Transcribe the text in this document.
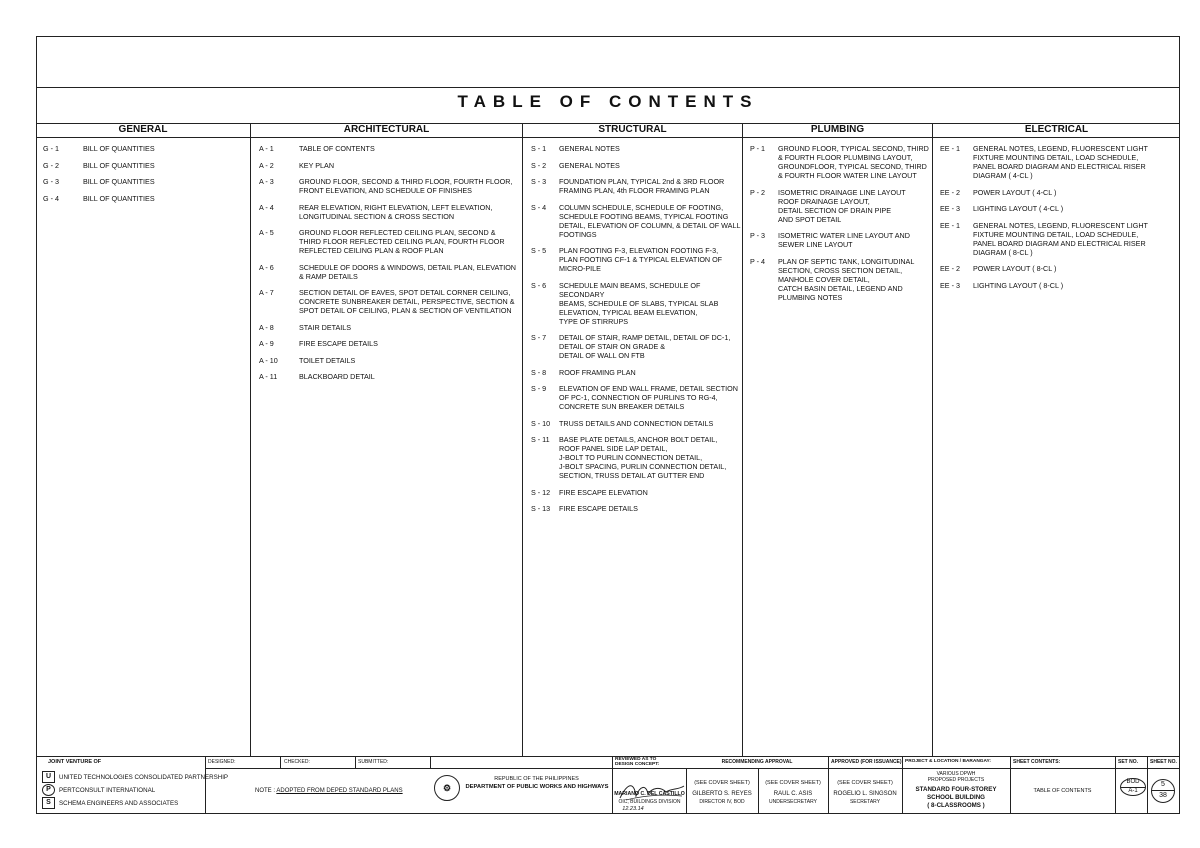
TABLE OF CONTENTS
GENERAL	ARCHITECTURAL	STRUCTURAL	PLUMBING	ELECTRICAL
G - 1	BILL OF QUANTITIES
G - 2	BILL OF QUANTITIES
G - 3	BILL OF QUANTITIES
G - 4	BILL OF QUANTITIES
A - 1	TABLE OF CONTENTS
A - 2	KEY PLAN
A - 3	GROUND FLOOR, SECOND & THIRD FLOOR, FOURTH FLOOR,
FRONT ELEVATION, AND SCHEDULE OF FINISHES
A - 4	REAR ELEVATION, RIGHT ELEVATION, LEFT ELEVATION,
LONGITUDINAL SECTION & CROSS SECTION
A - 5	GROUND FLOOR REFLECTED CEILING PLAN, SECOND &
THIRD FLOOR REFLECTED CEILING PLAN, FOURTH FLOOR
REFLECTED CEILING PLAN & ROOF PLAN
A - 6	SCHEDULE OF DOORS & WINDOWS, DETAIL PLAN, ELEVATION
& RAMP DETAILS
A - 7	SECTION DETAIL OF EAVES, SPOT DETAIL CORNER CEILING,
CONCRETE SUNBREAKER DETAIL, PERSPECTIVE, SECTION &
SPOT DETAIL OF CEILING, PLAN & SECTION OF VENTILATION
A - 8	STAIR DETAILS
A - 9	FIRE ESCAPE DETAILS
A - 10	TOILET DETAILS
A - 11	BLACKBOARD DETAIL
S - 1	GENERAL NOTES
S - 2	GENERAL NOTES
S - 3	FOUNDATION PLAN, TYPICAL 2nd & 3RD FLOOR
FRAMING PLAN, 4th FLOOR FRAMING PLAN
S - 4	COLUMN SCHEDULE, SCHEDULE OF FOOTING,
SCHEDULE FOOTING BEAMS, TYPICAL FOOTING
DETAIL, ELEVATION OF COLUMN, & DETAIL OF WALL
FOOTINGS
S - 5	PLAN FOOTING F-3, ELEVATION FOOTING F-3,
PLAN FOOTING CF-1 & TYPICAL ELEVATION OF
MICRO-PILE
S - 6	SCHEDULE MAIN BEAMS, SCHEDULE OF SECONDARY
BEAMS, SCHEDULE OF SLABS, TYPICAL SLAB
ELEVATION, TYPICAL BEAM ELEVATION,
TYPE OF STIRRUPS
S - 7	DETAIL OF STAIR, RAMP DETAIL, DETAIL OF DC-1,
DETAIL OF STAIR ON GRADE &
DETAIL OF WALL ON FTB
S - 8	ROOF FRAMING PLAN
S - 9	ELEVATION OF END WALL FRAME, DETAIL SECTION
OF PC-1, CONNECTION OF PURLINS TO RG-4,
CONCRETE SUN BREAKER DETAILS
S - 10	TRUSS DETAILS AND CONNECTION DETAILS
S - 11	BASE PLATE DETAILS, ANCHOR BOLT DETAIL,
ROOF PANEL SIDE LAP DETAIL,
J-BOLT TO PURLIN CONNECTION DETAIL,
J-BOLT SPACING, PURLIN CONNECTION DETAIL,
SECTION, TRUSS DETAIL AT GUTTER END
S - 12	FIRE ESCAPE ELEVATION
S - 13	FIRE ESCAPE DETAILS
P - 1	GROUND FLOOR, TYPICAL SECOND, THIRD
& FOURTH FLOOR PLUMBING LAYOUT,
GROUNDFLOOR, TYPICAL SECOND, THIRD
& FOURTH FLOOR WATER LINE LAYOUT
P - 2	ISOMETRIC DRAINAGE LINE LAYOUT
ROOF DRAINAGE LAYOUT,
DETAIL SECTION OF DRAIN PIPE
AND SPOT DETAIL
P - 3	ISOMETRIC WATER LINE LAYOUT AND
SEWER LINE LAYOUT
P - 4	PLAN OF SEPTIC TANK, LONGITUDINAL
SECTION, CROSS SECTION DETAIL,
MANHOLE COVER DETAIL,
CATCH BASIN DETAIL, LEGEND AND
PLUMBING NOTES
EE - 1	GENERAL NOTES, LEGEND, FLUORESCENT LIGHT
FIXTURE MOUNTING DETAIL, LOAD SCHEDULE,
PANEL BOARD DIAGRAM AND ELECTRICAL RISER
DIAGRAM ( 4-CL )
EE - 2	POWER LAYOUT ( 4-CL )
EE - 3	LIGHTING LAYOUT ( 4-CL )
EE - 1	GENERAL NOTES, LEGEND, FLUORESCENT LIGHT
FIXTURE MOUNTING DETAIL, LOAD SCHEDULE,
PANEL BOARD DIAGRAM AND ELECTRICAL RISER
DIAGRAM ( 8-CL )
EE - 2	POWER LAYOUT ( 8-CL )
EE - 3	LIGHTING LAYOUT ( 8-CL )
JOINT VENTURE OF
U	UNITED TECHNOLOGIES CONSOLIDATED PARTNERSHIP
P	PERTCONSULT INTERNATIONAL
S	SCHEMA ENGINEERS AND ASSOCIATES
DESIGNED:	CHECKED:	SUBMITTED:
NOTE : ADOPTED FROM DEPED STANDARD PLANS	⚙
REPUBLIC OF THE PHILIPPINES
DEPARTMENT OF PUBLIC WORKS AND HIGHWAYS
REVIEWED AS TO
DESIGN CONCEPT:
MARIANO C. DEL CASTILLO
OIC, BUILDINGS DIVISION
12.23.14
RECOMMENDING APPROVAL
(SEE COVER SHEET)
GILBERTO S. REYES
DIRECTOR IV, BOD
(SEE COVER SHEET)
RAUL C. ASIS
UNDERSECRETARY
APPROVED (FOR ISSUANCE)
(SEE COVER SHEET)
ROGELIO L. SINGSON
SECRETARY
PROJECT & LOCATION / BARANGAY:
VARIOUS DPWH
PROPOSED PROJECTS
STANDARD FOUR-STOREY
SCHOOL BUILDING
( 8-CLASSROOMS )
SHEET CONTENTS:
TABLE OF CONTENTS
SET NO. SHEET NO.
BOD
A-1
5
38
